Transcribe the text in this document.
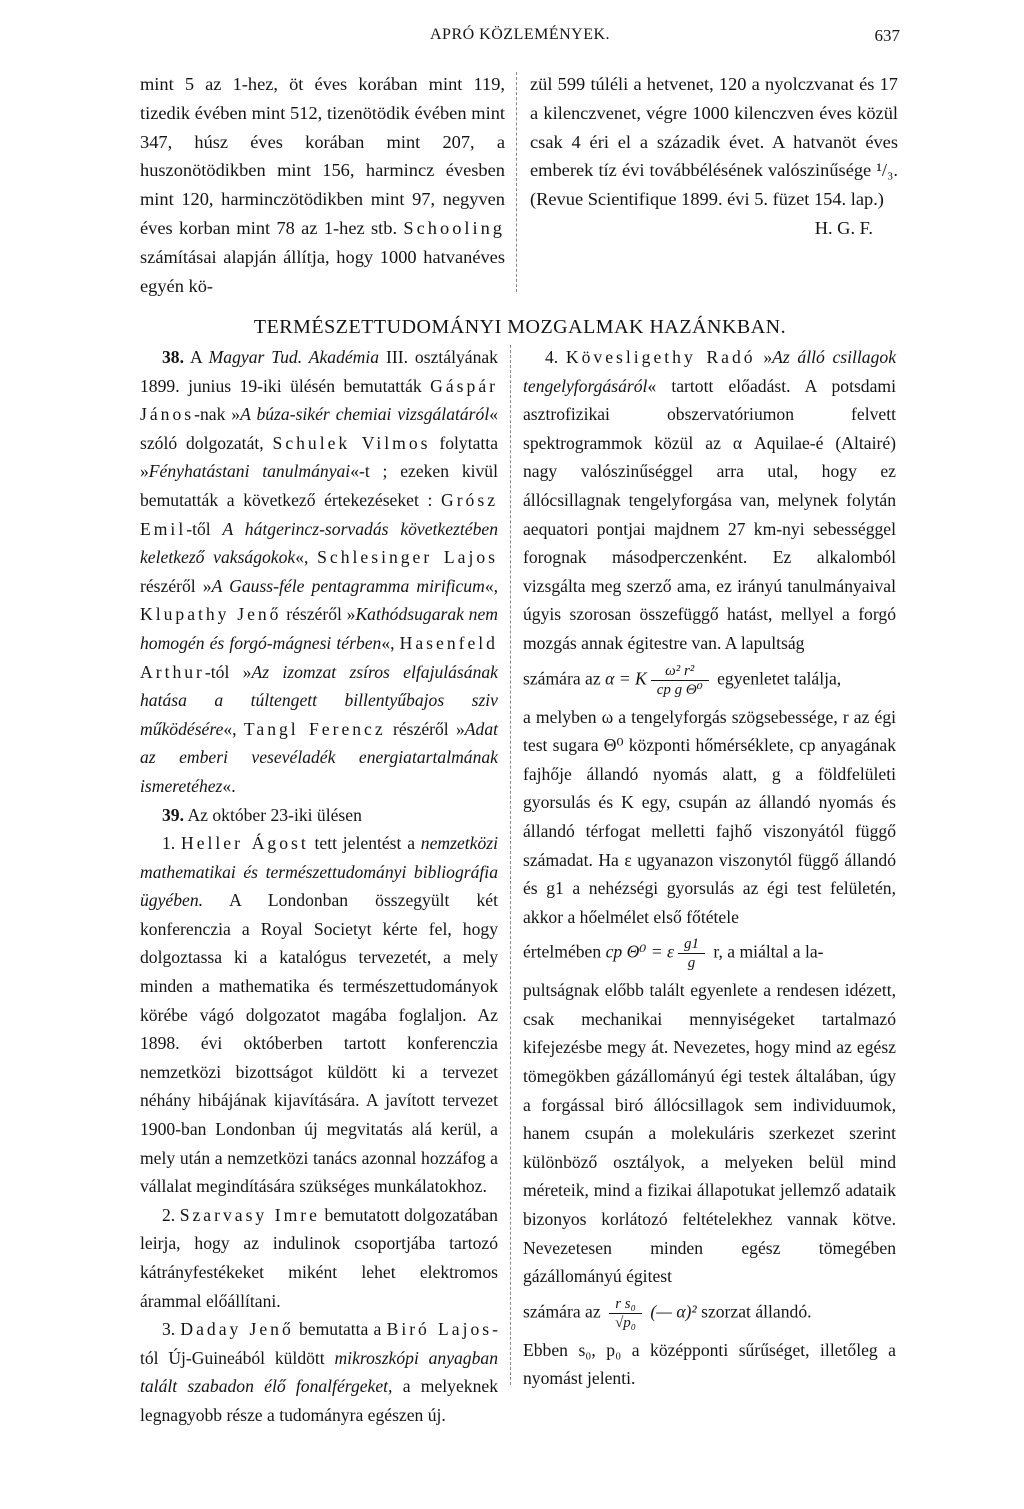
APRÓ KÖZLEMÉNYEK.	637

mint 5 az 1-hez, öt éves korában mint 119, tizedik évében mint 512, tizenötödik évében mint 347, húsz éves korában mint 207, a huszonötödikben mint 156, harmincz évesben mint 120, harminczötödikben mint 97, negyven éves korban mint 78 az 1-hez stb. Schooling számításai alapján állítja, hogy 1000 hatvanéves egyén kö-

zül 599 túléli a hetvenet, 120 a nyolczvanat és 17 a kilenczvenet, végre 1000 kilenczven éves közül csak 4 éri el a századik évet. A hatvanöt éves emberek tíz évi továbbélésének valószinűsége ¹/₃. (Revue Scientifique 1899. évi 5. füzet 154. lap.)

H. G. F.

TERMÉSZETTUDOMÁNYI MOZGALMAK HAZÁNKBAN.

38. A Magyar Tud. Akadémia III. osztályának 1899. junius 19-iki ülésén bemutatták Gáspár János-nak »A búza-sikér chemiai vizsgálatáról« szóló dolgozatát, Schulek Vilmos folytatta »Fényhatástani tanulmányai«-t ; ezeken kivül bemutatták a következő értekezéseket : Grósz Emil-től A hátgerincz-sorvadás következtében keletkező vakságokok«, Schlesinger Lajos részéről »A Gauss-féle pentagramma mirificum«, Klupathy Jenő részéről »Kathódsugarak nem homogén és forgó-mágnesi térben«, Hasenfeld Arthur-tól »Az izomzat zsíros elfajulásának hatása a túltengett billentyűbajos sziv működésére«, Tangl Ferencz részéről »Adat az emberi vesevéladék energiatartalmának ismeretéhez«.

39. Az október 23-iki ülésen

1. Heller Ágost tett jelentést a nemzetközi mathematikai és természettudományi bibliográfia ügyében. A Londonban összegyült két konferenczia a Royal Societyt kérte fel, hogy dolgoztassa ki a katalógus tervezetét, a mely minden a mathematika és természettudományok körébe vágó dolgozatot magába foglaljon. Az 1898. évi októberben tartott konferenczia nemzetközi bizottságot küldött ki a tervezet néhány hibájának kijavítására. A javított tervezet 1900-ban Londonban új megvitatás alá kerül, a mely után a nemzetközi tanács azonnal hozzáfog a vállalat megindítására szükséges munkálatokhoz.

2. Szarvasy Imre bemutatott dolgozatában leirja, hogy az indulinok csoportjába tartozó kátrányfestékeket miként lehet elektromos árammal előállítani.

3. Daday Jenő bemutatta a Biró Lajos-tól Új-Guineából küldött mikroszkópi anyagban talált szabadon élő fonalférgeket, a melyeknek legnagyobb része a tudományra egészen új.

4. Kövesligethy Radó »Az álló csillagok tengelyforgásáról« tartott előadást. A potsdami asztrofizikai obszervatóriumon felvett spektrogrammok közül az α Aquilae-é (Altairé) nagy valószinűséggel arra utal, hogy ez állócsillagnak tengelyforgása van, melynek folytán aequatori pontjai majdnem 27 km-nyi sebességgel forognak másodperczenként. Ez alkalomból vizsgálta meg szerző ama, ez irányú tanulmányaival úgyis szorosan összefüggő hatást, mellyel a forgó mozgás annak égitestre van. A lapultság

számára az α = K $\frac{\text{ω² r²}}{\text{cp g Θ⁰}}$ egyenletet találja,

a melyben ω a tengelyforgás szögsebessége, r az égi test sugara Θ⁰ központi hőmérséklete, cp anyagának fajhője állandó nyomás alatt, g a földfelületi gyorsulás és K egy, csupán az állandó nyomás és állandó térfogat melletti fajhő viszonyától függő számadat. Ha ε ugyanazon viszonytól függő állandó és g1 a nehézségi gyorsulás az égi test felületén, akkor a hőelmélet első főtétele

értelmében cp Θ⁰ = ε $\frac{g1}{g} r$, a miáltal a la-

pultságnak előbb talált egyenlete a rendesen idézett, csak mechanikai mennyiségeket tartalmazó kifejezésbe megy át. Nevezetes, hogy mind az egész tömegökben gázállományú égi testek általában, úgy a forgással biró állócsillagok sem individuumok, hanem csupán a molekuláris szerkezet szerint különböző osztályok, a melyeken belül mind méreteik, mind a fizikai állapotukat jellemző adataik bizonyos korlátozó feltételekhez vannak kötve. Nevezetesen minden egész tömegében gázállományú égitest

számára az $\frac{\text{r s₀}}{\text{√p₀}}$ (— α)² szorzat állandó.

Ebben s₀, p₀ a középponti sűrűséget, illetőleg a nyomást jelenti.
